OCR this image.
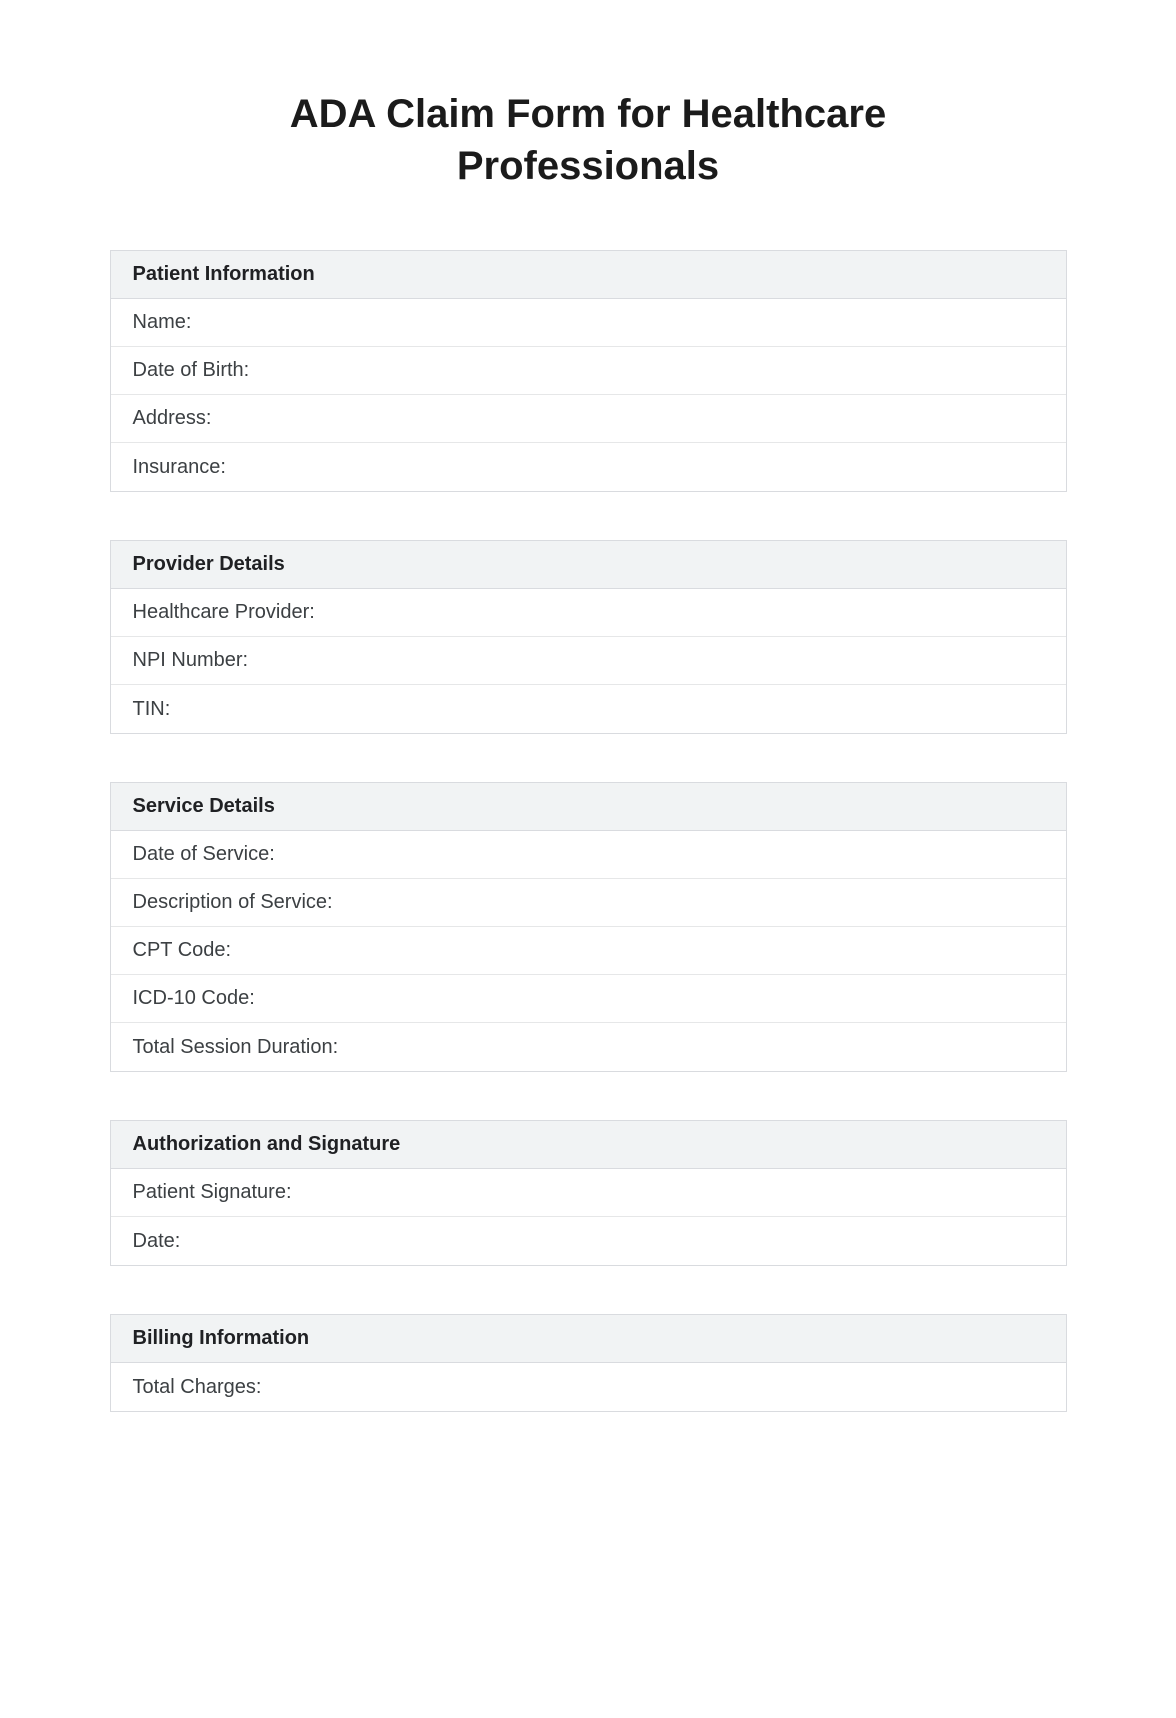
ADA Claim Form for Healthcare Professionals
Patient Information
Name:
Date of Birth:
Address:
Insurance:
Provider Details
Healthcare Provider:
NPI Number:
TIN:
Service Details
Date of Service:
Description of Service:
CPT Code:
ICD-10 Code:
Total Session Duration:
Authorization and Signature
Patient Signature:
Date:
Billing Information
Total Charges:
